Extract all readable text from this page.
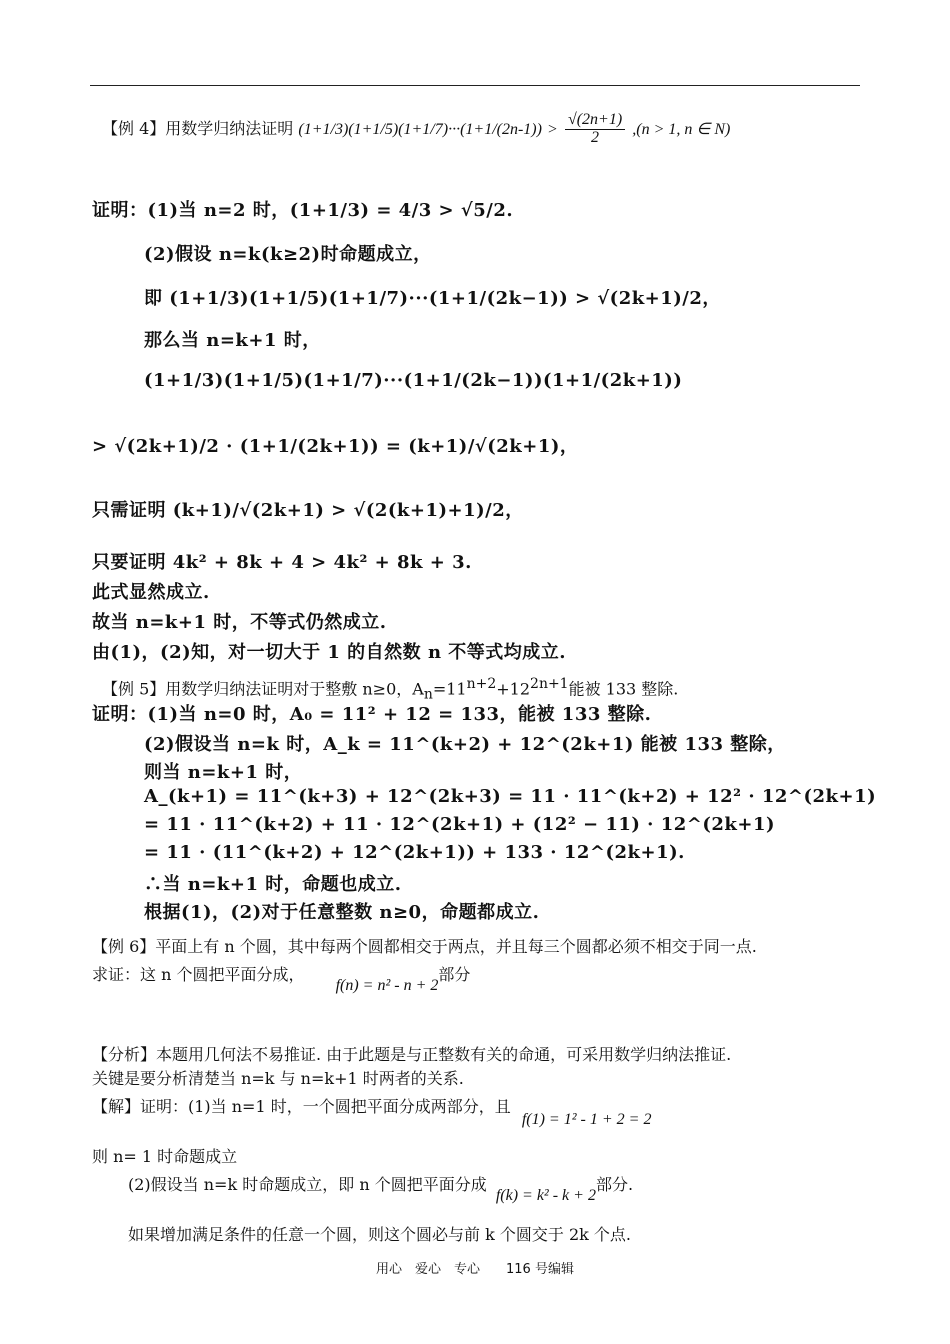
【例 4】用数学归纳法证明 $(1+1/3)(1+1/5)(1+1/7)\cdot\cdot\cdot(1+1/(2n-1)) > \frac{√(2n+1)}{2} ,(n > 1$, n ∈ N)
证明：(1)当 n=2 时，(1+1/3) = 4/3 > √5/2.
(2)假设 n=k(k≥2)时命题成立，
即 (1+1/3)(1+1/5)(1+1/7)···(1+1/(2k−1)) > √(2k+1)/2，
那么当 n=k+1 时，
(1+1/3)(1+1/5)(1+1/7)···(1+1/(2k−1))(1+1/(2k+1))
> √(2k+1)/2 · (1+1/(2k+1)) = (k+1)/√(2k+1)，
只需证明 (k+1)/√(2k+1) > √(2(k+1)+1)/2，
只要证明 4k² + 8k + 4 > 4k² + 8k + 3.
此式显然成立.
故当 n=k+1 时，不等式仍然成立.
由(1)，(2)知，对一切大于 1 的自然数 n 不等式均成立.
【例 5】用数学归纳法证明对于整敷 n≥0，$A_n=11^{n+2}+12^{2n+1}$能被 133 整除.
证明：(1)当 n=0 时，A₀ = 11² + 12 = 133，能被 133 整除.
(2)假设当 n=k 时，A_k = 11^(k+2) + 12^(2k+1) 能被 133 整除，
则当 n=k+1 时，
A_(k+1) = 11^(k+3) + 12^(2k+3) = 11 · 11^(k+2) + 12² · 12^(2k+1)
= 11 · 11^(k+2) + 11 · 12^(2k+1) + (12² − 11) · 12^(2k+1)
= 11 · (11^(k+2) + 12^(2k+1)) + 133 · 12^(2k+1).
∴当 n=k+1 时，命题也成立.
根据(1)，(2)对于任意整数 n≥0，命题都成立.
【例 6】平面上有 n 个圆，其中每两个圆都相交于两点，并且每三个圆都必须不相交于同一点.
求证：这 n 个圆把平面分成， f(n) = n² - n + 2部分
【分析】本题用几何法不易推证. 由于此题是与正整数有关的命通，可采用数学归纳法推证.
关键是要分析清楚当 n=k 与 n=k+1 时两者的关系.
【解】证明：(1)当 n=1 时，一个圆把平面分成两部分，且 f(1) = 1² - 1 + 2 = 2
则 n= 1 时命题成立
(2)假设当 n=k 时命题成立，即 n 个圆把平面分成 f(k) = k² - k + 2部分.
如果增加满足条件的任意一个圆，则这个圆必与前 k 个圆交于 2k 个点.
用心　爱心　专心　　116 号编辑
